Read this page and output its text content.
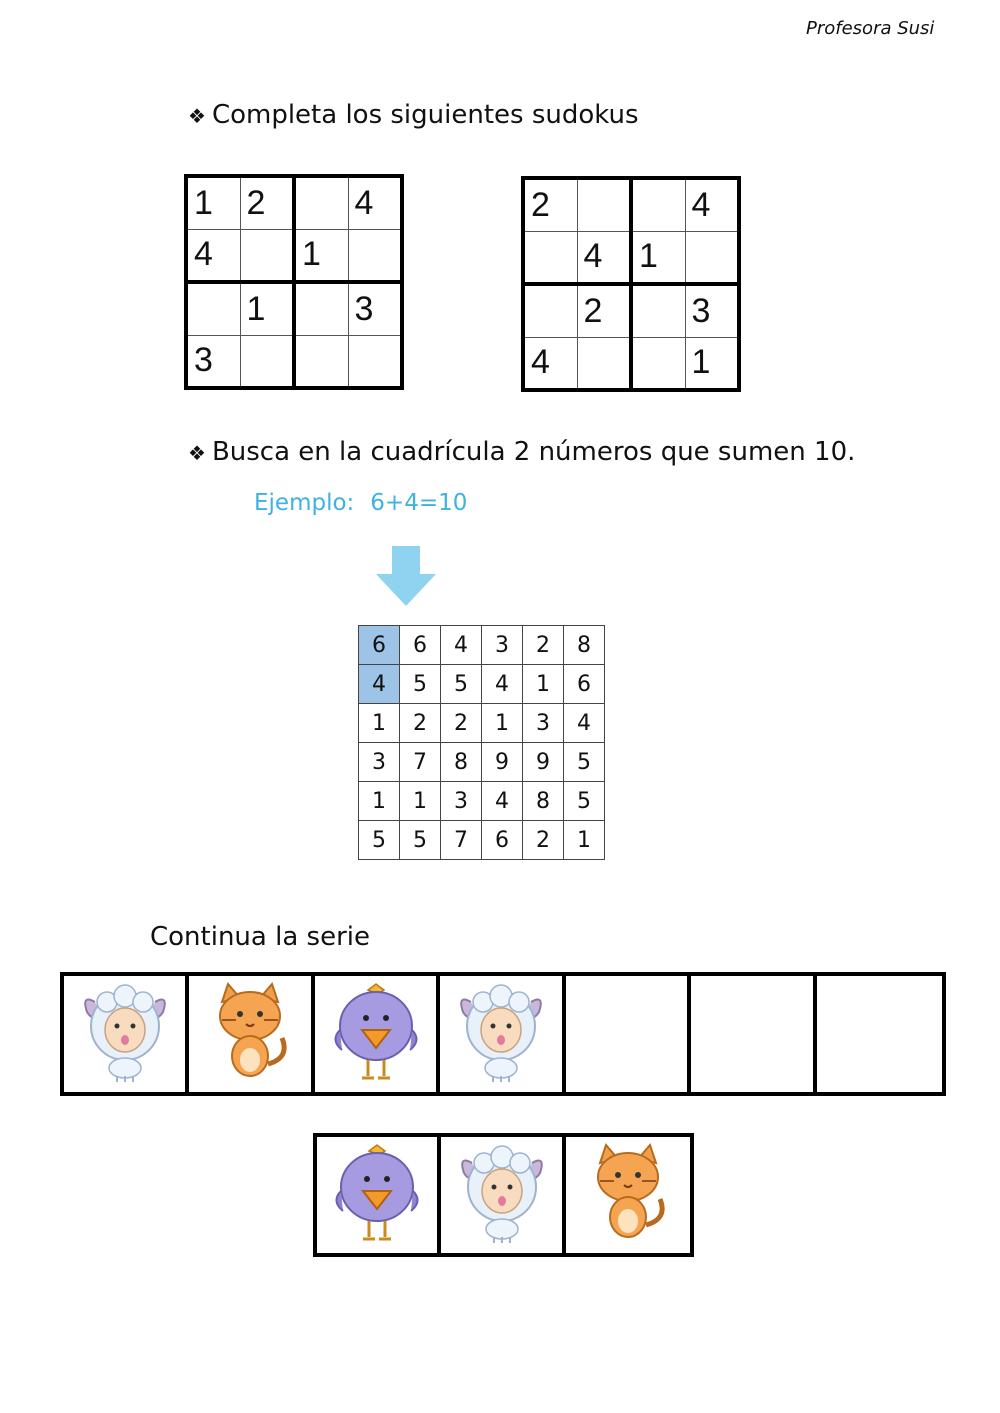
Profesora Susi
❖ Completa los siguientes sudokus
1	2		4
4		1	
	1		3
3			
2			4
	4	1	
	2		3
4			1
❖ Busca en la cuadrícula 2 números que sumen 10.
Ejemplo: 6+4=10
6	6	4	3	2	8
4	5	5	4	1	6
1	2	2	1	3	4
3	7	8	9	9	5
1	1	3	4	8	5
5	5	7	6	2	1
Continua la serie
